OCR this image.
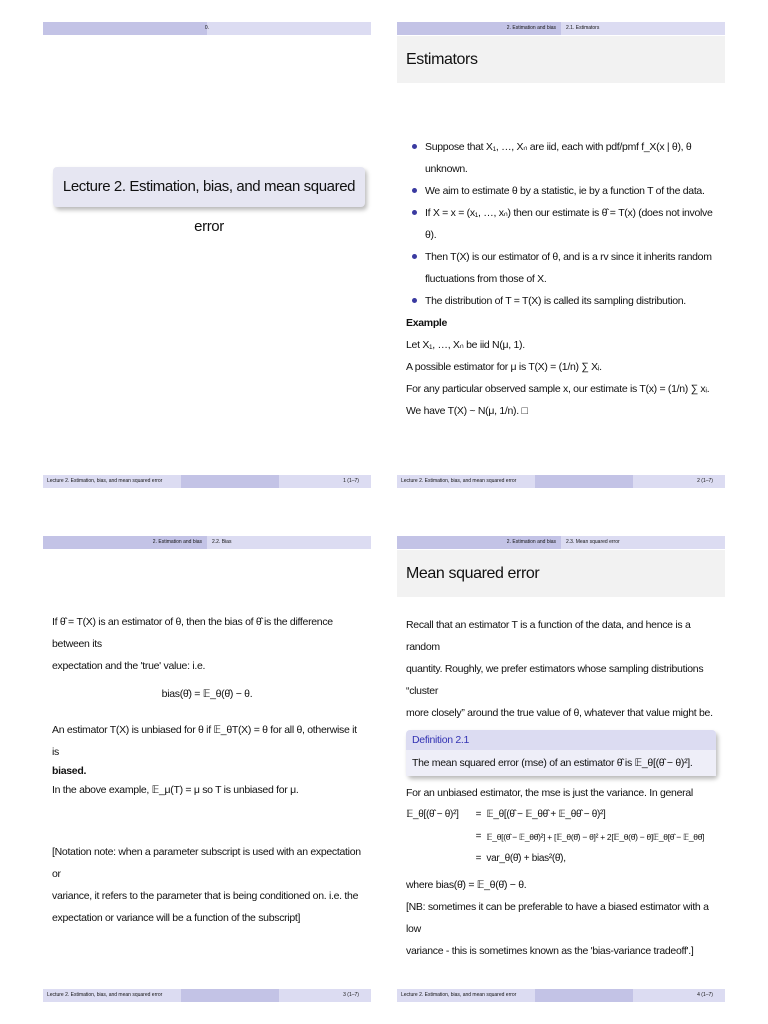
0.
Lecture 2. Estimation, bias, and mean squared error
Lecture 2. Estimation, bias, and mean squared error	1 (1–7)
2. Estimation and bias	2.1. Estimators
Estimators
Suppose that X₁, …, Xₙ are iid, each with pdf/pmf f_X(x | θ), θ unknown.
We aim to estimate θ by a statistic, ie by a function T of the data.
If X = x = (x₁, …, xₙ) then our estimate is θ̂ = T(x) (does not involve θ).
Then T(X) is our estimator of θ, and is a rv since it inherits random
fluctuations from those of X.
The distribution of T = T(X) is called its sampling distribution.
Example
Let X₁, …, Xₙ be iid N(μ, 1).
A possible estimator for μ is T(X) = (1/n) ∑ Xᵢ.
For any particular observed sample x, our estimate is T(x) = (1/n) ∑ xᵢ.
We have T(X) ~ N(μ, 1/n). □
Lecture 2. Estimation, bias, and mean squared error	2 (1–7)
2. Estimation and bias	2.2. Bias
If θ̂ = T(X) is an estimator of θ, then the bias of θ̂ is the difference between its
expectation and the 'true' value: i.e.
bias(θ̂) = 𝔼_θ(θ̂) − θ.
An estimator T(X) is unbiased for θ if 𝔼_θT(X) = θ for all θ, otherwise it is
biased.
In the above example, 𝔼_μ(T) = μ so T is unbiased for μ.
[Notation note: when a parameter subscript is used with an expectation or
variance, it refers to the parameter that is being conditioned on. i.e. the
expectation or variance will be a function of the subscript]
Lecture 2. Estimation, bias, and mean squared error	3 (1–7)
2. Estimation and bias	2.3. Mean squared error
Mean squared error
Recall that an estimator T is a function of the data, and hence is a random
quantity. Roughly, we prefer estimators whose sampling distributions “cluster
more closely” around the true value of θ, whatever that value might be.
Definition 2.1
The mean squared error (mse) of an estimator θ̂ is 𝔼_θ[(θ̂ − θ)²].
For an unbiased estimator, the mse is just the variance. In general
𝔼_θ[(θ̂ − θ)²]	= 𝔼_θ[(θ̂ − 𝔼_θθ̂ + 𝔼_θθ̂ − θ)²]
= 𝔼_θ[(θ̂ − 𝔼_θθ̂)²] + [𝔼_θ(θ̂) − θ]² + 2[𝔼_θ(θ̂) − θ]𝔼_θ[θ̂ − 𝔼_θθ̂]
= var_θ(θ̂) + bias²(θ̂),
where bias(θ̂) = 𝔼_θ(θ̂) − θ.
[NB: sometimes it can be preferable to have a biased estimator with a low
variance - this is sometimes known as the 'bias-variance tradeoff'.]
Lecture 2. Estimation, bias, and mean squared error	4 (1–7)
